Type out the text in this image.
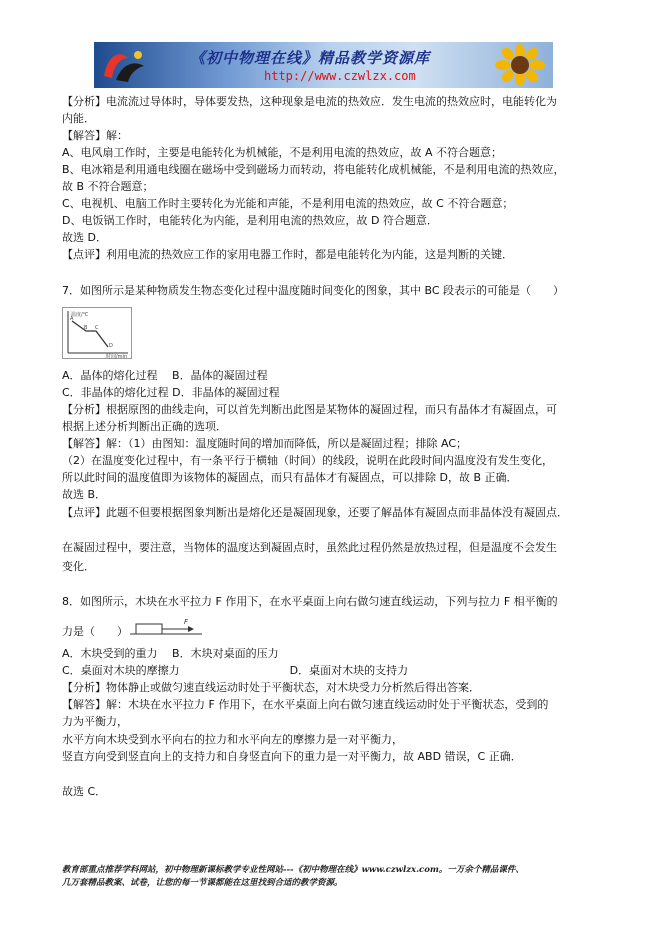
《初中物理在线》精品教学资源库
http://www.czwlzx.com
【分析】电流流过导体时，导体要发热，这种现象是电流的热效应．发生电流的热效应时，电能转化为
内能．
【解答】解：
A、电风扇工作时，主要是电能转化为机械能，不是利用电流的热效应，故 A 不符合题意；
B、电冰箱是利用通电线圈在磁场中受到磁场力而转动，将电能转化成机械能，不是利用电流的热效应，
故 B 不符合题意；
C、电视机、电脑工作时主要转化为光能和声能，不是利用电流的热效应，故 C 不符合题意；
D、电饭锅工作时，电能转化为内能，是利用电流的热效应，故 D 符合题意．
故选 D．
【点评】利用电流的热效应工作的家用电器工作时，都是电能转化为内能，这是判断的关键．
7．如图所示是某种物质发生物态变化过程中温度随时间变化的图象，其中 BC 段表示的可能是（　　）
A．晶体的熔化过程　 B．晶体的凝固过程
C．非晶体的熔化过程 D．非晶体的凝固过程
【分析】根据原图的曲线走向，可以首先判断出此图是某物体的凝固过程，而只有晶体才有凝固点，可
根据上述分析判断出正确的选项．
【解答】解：（1）由图知：温度随时间的增加而降低，所以是凝固过程；排除 AC；
（2）在温度变化过程中，有一条平行于横轴（时间）的线段，说明在此段时间内温度没有发生变化，
所以此时间的温度值即为该物体的凝固点，而只有晶体才有凝固点，可以排除 D，故 B 正确．
故选 B．
【点评】此题不但要根据图象判断出是熔化还是凝固现象，还要了解晶体有凝固点而非晶体没有凝固点．
在凝固过程中，要注意，当物体的温度达到凝固点时，虽然此过程仍然是放热过程，但是温度不会发生
变化．
8．如图所示，木块在水平拉力 F 作用下，在水平桌面上向右做匀速直线运动，下列与拉力 F 相平衡的
力是（　　）
A．木块受到的重力　 B．木块对桌面的压力
C．桌面对木块的摩擦力　　　　　　　　　　D．桌面对木块的支持力
【分析】物体静止或做匀速直线运动时处于平衡状态，对木块受力分析然后得出答案．
【解答】解：木块在水平拉力 F 作用下，在水平桌面上向右做匀速直线运动时处于平衡状态，受到的
力为平衡力，
水平方向木块受到水平向右的拉力和水平向左的摩擦力是一对平衡力，
竖直方向受到竖直向上的支持力和自身竖直向下的重力是一对平衡力，故 ABD 错误，C 正确．
故选 C．
温度/℃
时间/min
A
B C
D
F
教育部重点推荐学科网站，初中物理新课标教学专业性网站---《初中物理在线》www.czwlzx.com。一万余个精品课件、
几万套精品教案、试卷，让您的每一节课都能在这里找到合适的教学资源。
